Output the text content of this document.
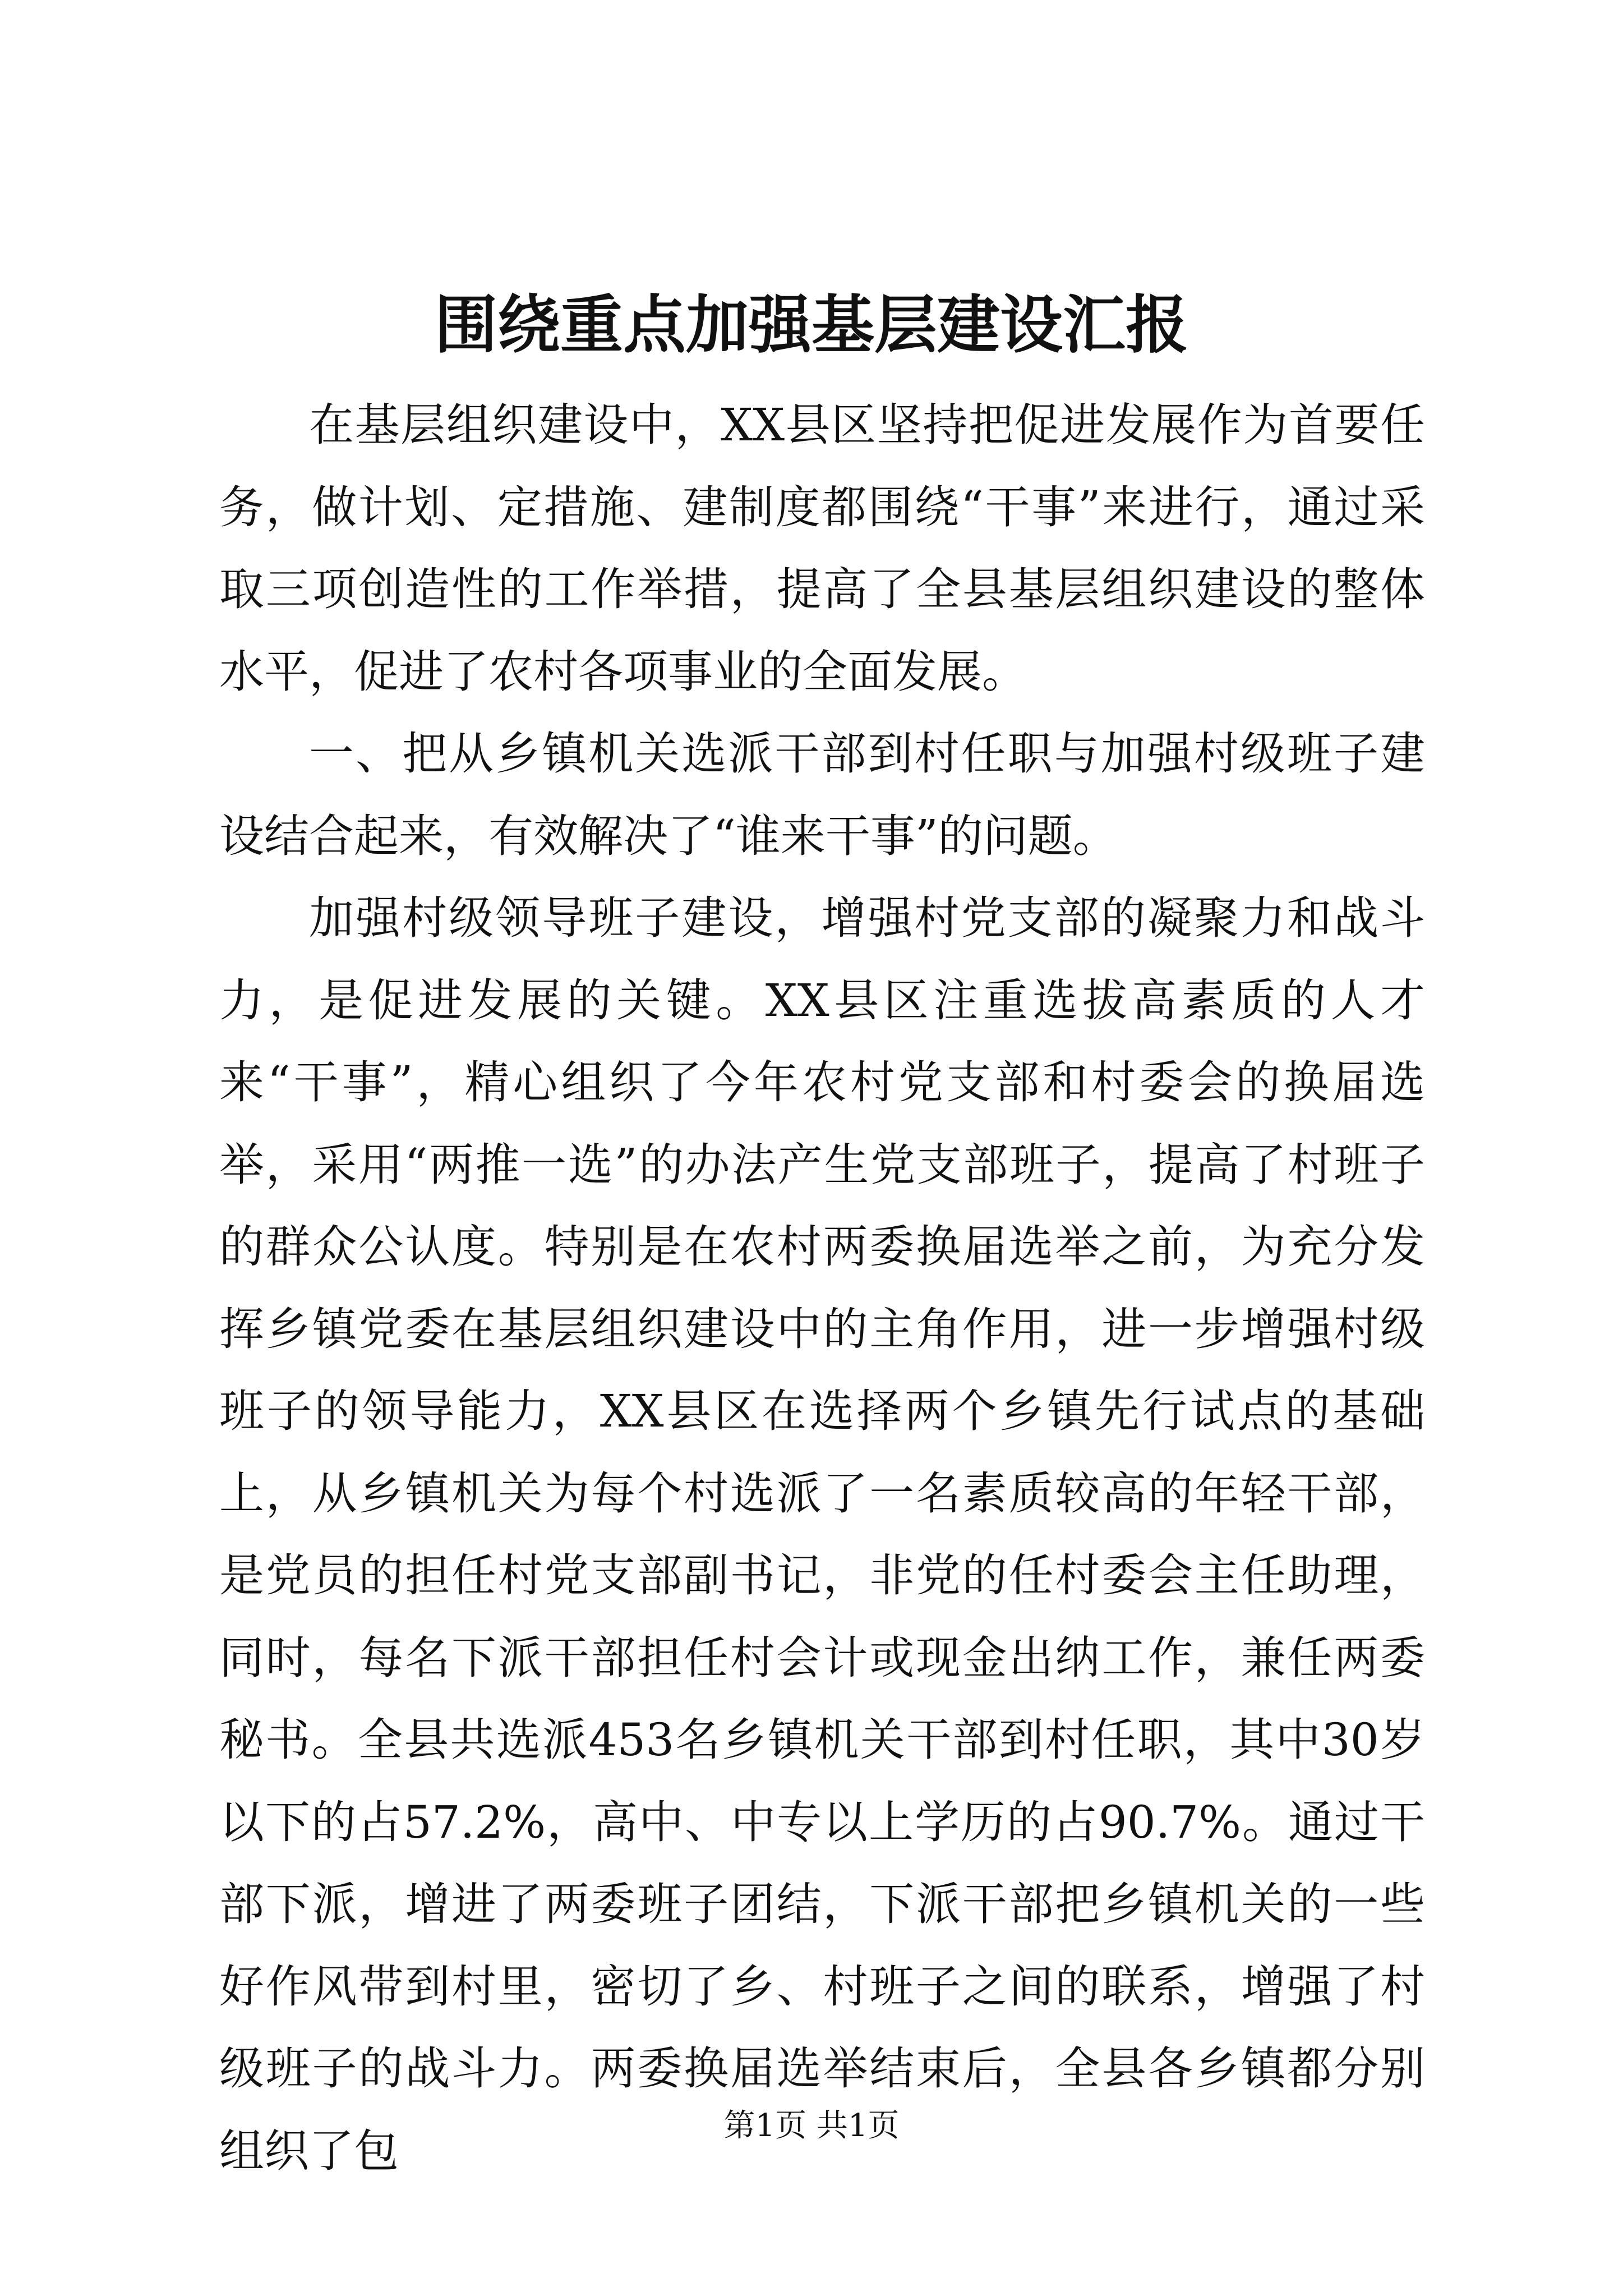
围绕重点加强基层建设汇报

在基层组织建设中，XX县区坚持把促进发展作为首要任务，做计划、定措施、建制度都围绕“干事”来进行，通过采取三项创造性的工作举措，提高了全县基层组织建设的整体水平，促进了农村各项事业的全面发展。

一、把从乡镇机关选派干部到村任职与加强村级班子建设结合起来，有效解决了“谁来干事”的问题。

加强村级领导班子建设，增强村党支部的凝聚力和战斗力，是促进发展的关键。XX县区注重选拔高素质的人才来“干事”，精心组织了今年农村党支部和村委会的换届选举，采用“两推一选”的办法产生党支部班子，提高了村班子的群众公认度。特别是在农村两委换届选举之前，为充分发挥乡镇党委在基层组织建设中的主角作用，进一步增强村级班子的领导能力，XX县区在选择两个乡镇先行试点的基础上，从乡镇机关为每个村选派了一名素质较高的年轻干部，是党员的担任村党支部副书记，非党的任村委会主任助理，同时，每名下派干部担任村会计或现金出纳工作，兼任两委秘书。全县共选派453名乡镇机关干部到村任职，其中30岁以下的占57.2%，高中、中专以上学历的占90.7%。通过干部下派，增进了两委班子团结，下派干部把乡镇机关的一些好作风带到村里，密切了乡、村班子之间的联系，增强了村级班子的战斗力。两委换届选举结束后，全县各乡镇都分别组织了包	第1页 共1页
